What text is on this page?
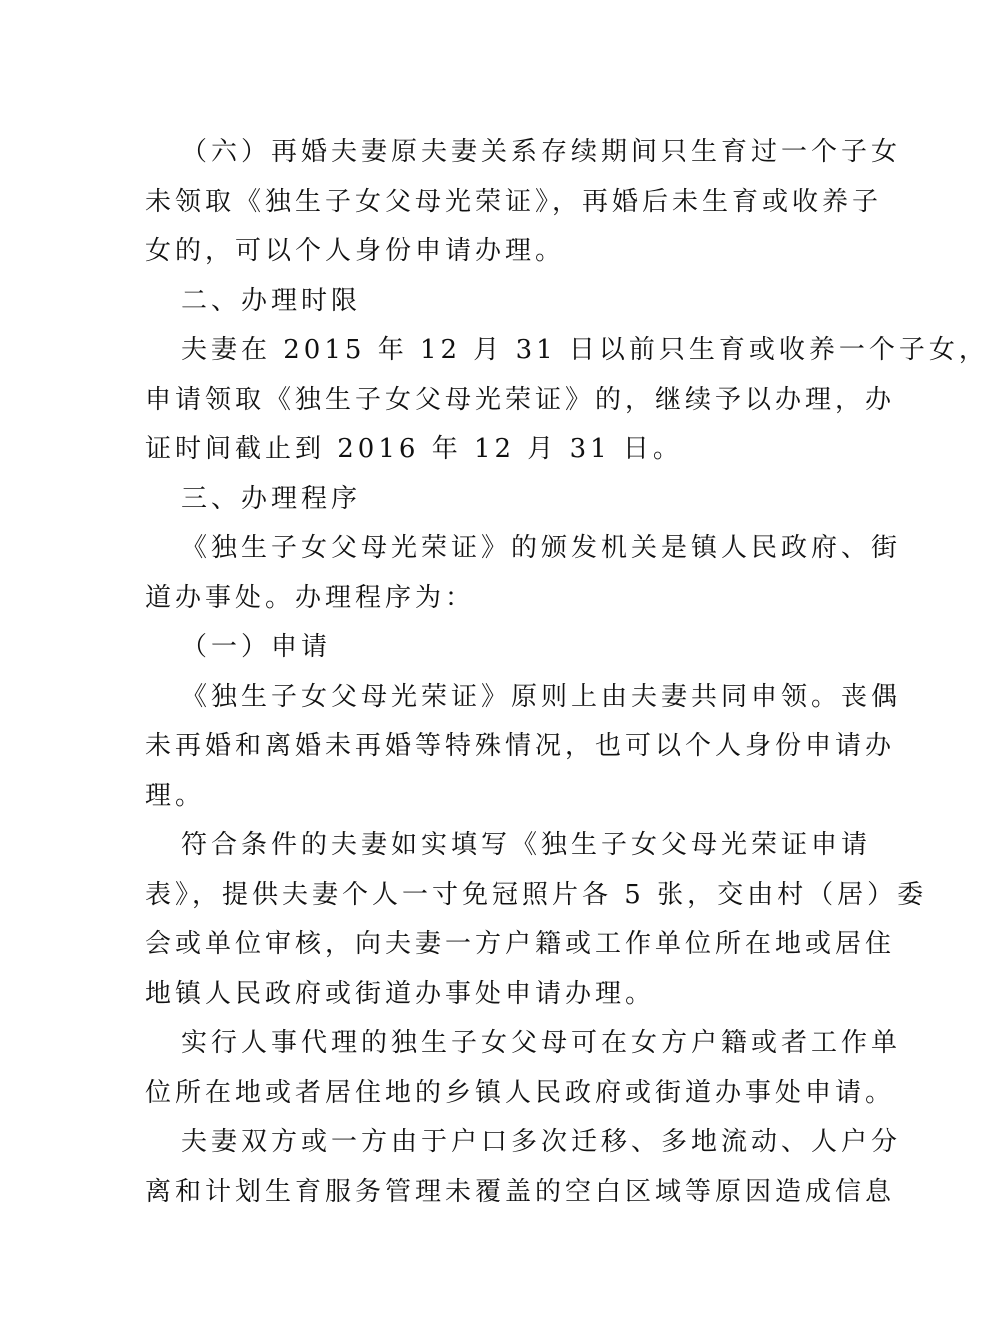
（六）再婚夫妻原夫妻关系存续期间只生育过一个子女
未领取《独生子女父母光荣证》，再婚后未生育或收养子
女的，可以个人身份申请办理。
二、办理时限
夫妻在 2015 年 12 月 31 日以前只生育或收养一个子女，
申请领取《独生子女父母光荣证》的，继续予以办理，办
证时间截止到 2016 年 12 月 31 日。
三、办理程序
《独生子女父母光荣证》的颁发机关是镇人民政府、街
道办事处。办理程序为：
（一）申请
《独生子女父母光荣证》原则上由夫妻共同申领。丧偶
未再婚和离婚未再婚等特殊情况，也可以个人身份申请办
理。
符合条件的夫妻如实填写《独生子女父母光荣证申请
表》，提供夫妻个人一寸免冠照片各 5 张，交由村（居）委
会或单位审核，向夫妻一方户籍或工作单位所在地或居住
地镇人民政府或街道办事处申请办理。
实行人事代理的独生子女父母可在女方户籍或者工作单
位所在地或者居住地的乡镇人民政府或街道办事处申请。
夫妻双方或一方由于户口多次迁移、多地流动、人户分
离和计划生育服务管理未覆盖的空白区域等原因造成信息
